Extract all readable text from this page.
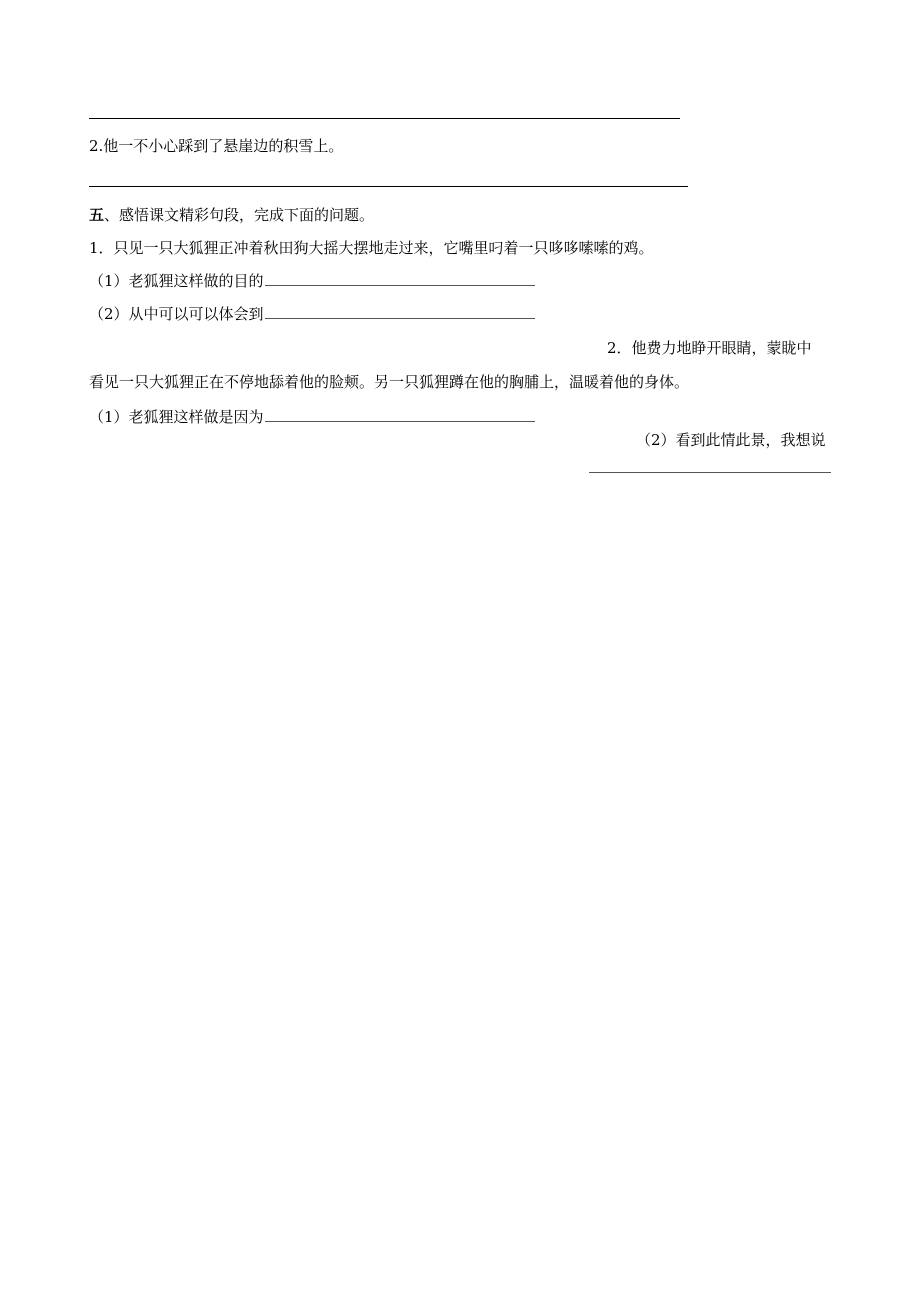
2.他一不小心踩到了悬崖边的积雪上。
五、感悟课文精彩句段，完成下面的问题。
1．只见一只大狐狸正冲着秋田狗大摇大摆地走过来，它嘴里叼着一只哆哆嗦嗦的鸡。
（1）老狐狸这样做的目的
（2）从中可以可以体会到
2．他费力地睁开眼睛，蒙眬中
看见一只大狐狸正在不停地舔着他的脸颊。另一只狐狸蹲在他的胸脯上，温暖着他的身体。
（1）老狐狸这样做是因为
（2）看到此情此景，我想说
